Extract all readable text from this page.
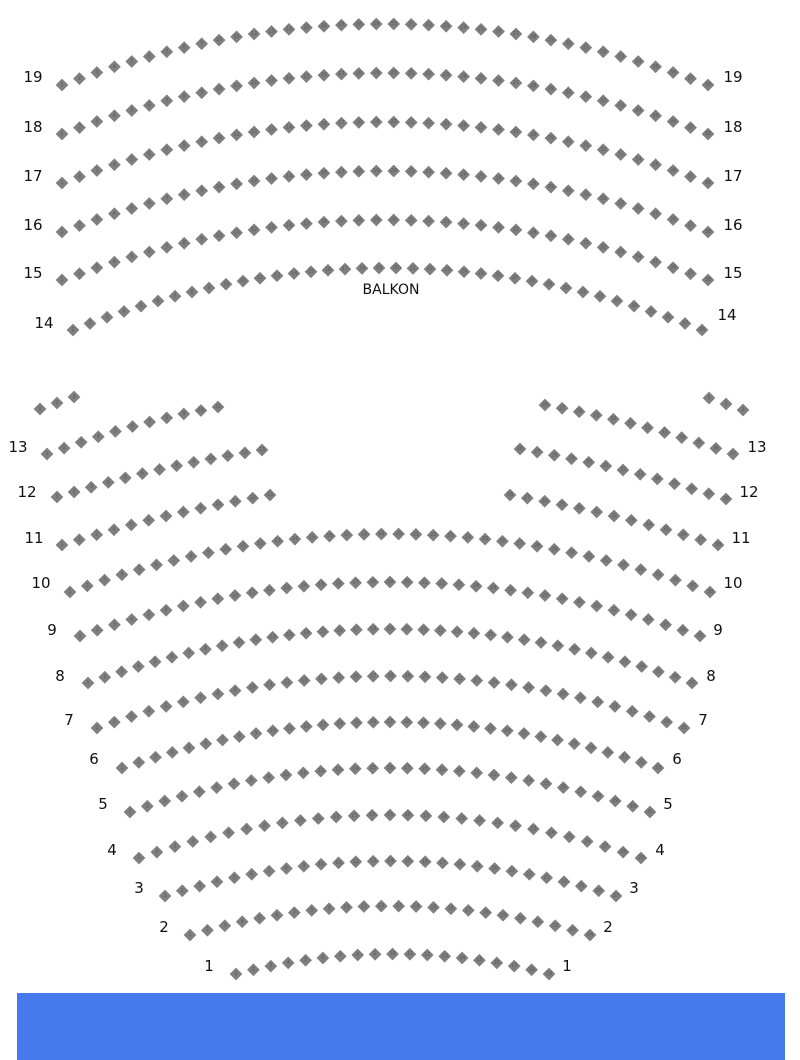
1
2
3
4
5
6
7
8
9
10
11 12 13 14 15 16 17 18 19 20 21 22 23 24 25 26 27 28
29
30
31
32
33
34
35
36
37
38
1
2
3
4
5
6
7
8
9
10
11 12 13 14 15 16 17 18 19 20 21 22 23 24 25 26 27 28
29
30
31
32
33
34
35
36
37
38
1
2
3
4
5
6
7
8
9
10
11 12 13 14 15 16 17 18 19 20 21 22 23 24 25 26 27 28
29
30
31
32
33
34
35
36
37
38
1
2
3
4
5
6
7
8
9
10
11 12 13 14 15 16 17 18 19 20 21 22 23 24 25 26 27 28
29
30
31
32
33
34
35
36
37
38
1
2
3
4
5
6
7
8
9
10
11 12 13 14 15 16 17 18 19 20 21 22 23 24 25 26 27 28
29
30
31
32
33
34
35
36
37
38
1
2
3
4
5
6
7
8
9
10
11 12 13 14 15 16 17 18 19 20 21 22 23 24 25 26 27 28
29
30
31
32
33
34
35
36
37
38
1
2
3	1
2
3
1
2
3
4
5
6
7
8
9
10
11
1
2
3
4
5
6
7
8
9
10
11 12 13
1
2
3
4
5
6
7
8
9
10
11
12
13
26
27
28
29
30
31
32
33
34
35
36
37
26
27
28
29
30
31
32
33
34
35
36
37
38
26
27
28
29
30
31
32
33
34
35
36
37
38
1
2
3
4
5
6
7
8
9
10
11 12 13 14 15 16 17 18 19 20 21 22 23 24 25 26 27 28
29
30
31
32
33
34
35
36
37
38
1
2
3
4
5
6
7
8
9
10 11 12 13 14 15 16 17 18 19 20 21 22 23 24 25 26 27 28
29
30
31
32
33
34
35
36
37
1
2
3
4
5
6
7
8
9
10 11 12 13 14 15 16 17 18 19 20 21 22 23 24 25 26 27 28
29
30
31
32
33
34
35
36
37
1
2
3
4
5
6
7
8
9
10 11 12 13 14 15 16 17 18 19 20 21 22 23 24 25 26
27
28
29
30
31
32
33
34
35
1
2
3
4
5
6
7
8
9 10 11 12 13 14 15 16 17 18 19 20 21 22 23 24 25
26
27
28
29
30
31
32
33
1
2
3
4
5
6
7
8	9	10 11 12 13 14 15 16 17 18 19 20 21 22 23 24
25
26
27
28
29
30
31
1
2
3
4
5
6
7
8	9	10 11 12 13 14 15 16 17 18 19 20 21 22
23
24
25
26
27
28
29
1
2
3
4
5
6
7	8	9	10 11 12 13 14 15 16 17 18 19 20 21
22
23
24
25
26
27
1
2
3
4
5	6	7	8	9	10 11 12 13 14 15 16 17 18 19 20
21
22
23
24
1
2
3
4	5	6	7	8	9	10 11 12 13 14 15 16
17
18
19
19	19
18	18
17	17
16	16
15	15
14	14
13	13
12	12
11	11
10	10
9	9
8	8
7	7
6	6
5	5
4	4
3	3
2	2
1	1
BALKON
